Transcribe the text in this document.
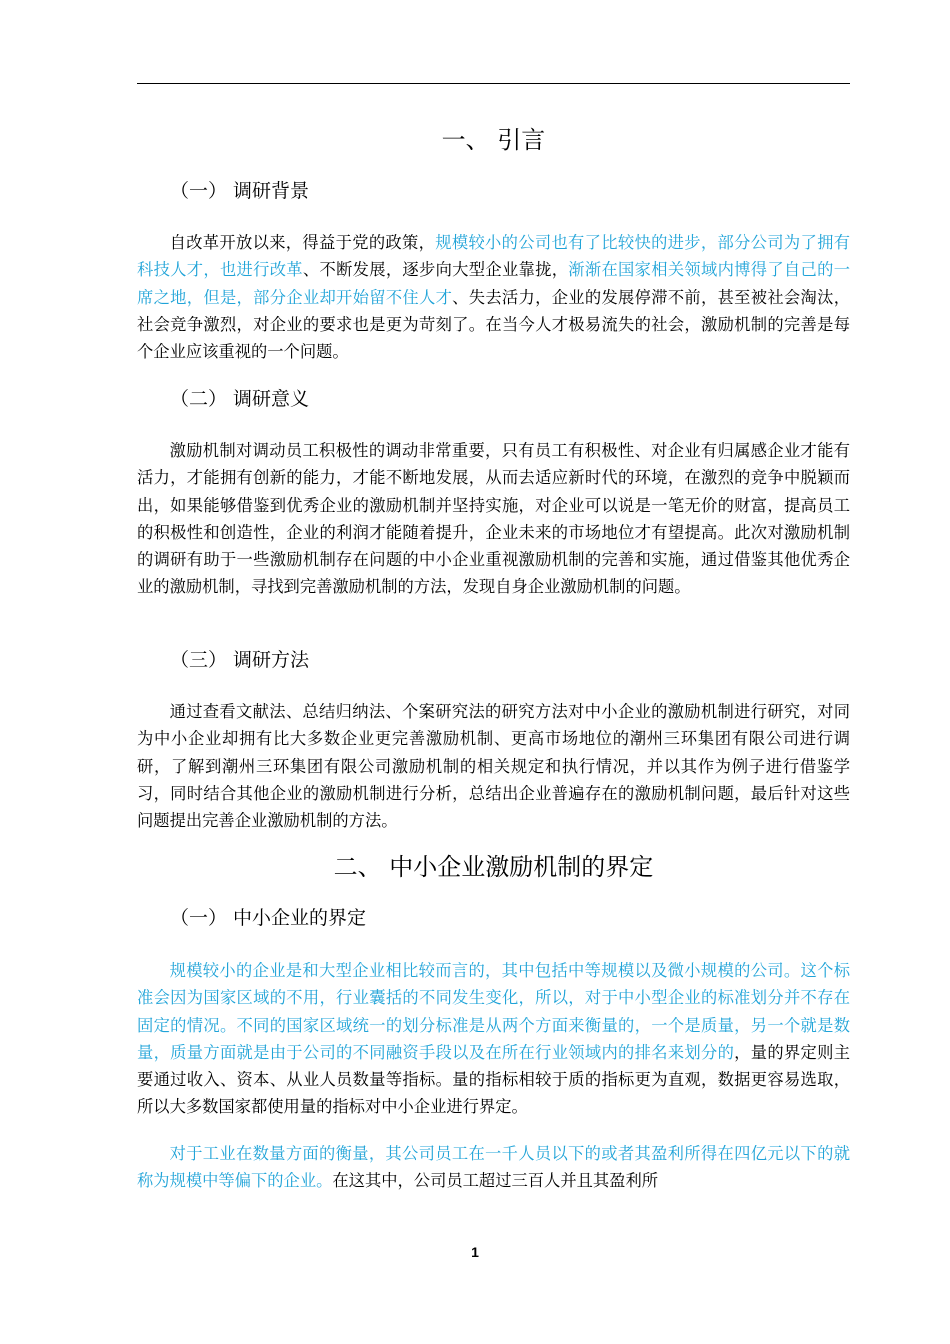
一、 引言
（一） 调研背景

自改革开放以来，得益于党的政策，规模较小的公司也有了比较快的进步，部分公司为了拥有科技人才，也进行改革、不断发展，逐步向大型企业靠拢，渐渐在国家相关领域内博得了自己的一席之地，但是，部分企业却开始留不住人才、失去活力，企业的发展停滞不前，甚至被社会淘汰，社会竞争激烈，对企业的要求也是更为苛刻了。在当今人才极易流失的社会，激励机制的完善是每个企业应该重视的一个问题。

（二） 调研意义

激励机制对调动员工积极性的调动非常重要，只有员工有积极性、对企业有归属感企业才能有活力，才能拥有创新的能力，才能不断地发展，从而去适应新时代的环境，在激烈的竞争中脱颖而出，如果能够借鉴到优秀企业的激励机制并坚持实施，对企业可以说是一笔无价的财富，提高员工的积极性和创造性，企业的利润才能随着提升，企业未来的市场地位才有望提高。此次对激励机制的调研有助于一些激励机制存在问题的中小企业重视激励机制的完善和实施，通过借鉴其他优秀企业的激励机制，寻找到完善激励机制的方法，发现自身企业激励机制的问题。

（三） 调研方法

通过查看文献法、总结归纳法、个案研究法的研究方法对中小企业的激励机制进行研究，对同为中小企业却拥有比大多数企业更完善激励机制、更高市场地位的潮州三环集团有限公司进行调研，了解到潮州三环集团有限公司激励机制的相关规定和执行情况，并以其作为例子进行借鉴学习，同时结合其他企业的激励机制进行分析，总结出企业普遍存在的激励机制问题，最后针对这些问题提出完善企业激励机制的方法。

二、 中小企业激励机制的界定
（一） 中小企业的界定

规模较小的企业是和大型企业相比较而言的，其中包括中等规模以及微小规模的公司。这个标准会因为国家区域的不用，行业囊括的不同发生变化，所以，对于中小型企业的标准划分并不存在固定的情况。不同的国家区域统一的划分标准是从两个方面来衡量的，一个是质量，另一个就是数量，质量方面就是由于公司的不同融资手段以及在所在行业领域内的排名来划分的，量的界定则主要通过收入、资本、从业人员数量等指标。量的指标相较于质的指标更为直观，数据更容易选取，所以大多数国家都使用量的指标对中小企业进行界定。

对于工业在数量方面的衡量，其公司员工在一千人员以下的或者其盈利所得在四亿元以下的就称为规模中等偏下的企业。在这其中，公司员工超过三百人并且其盈利所

1
